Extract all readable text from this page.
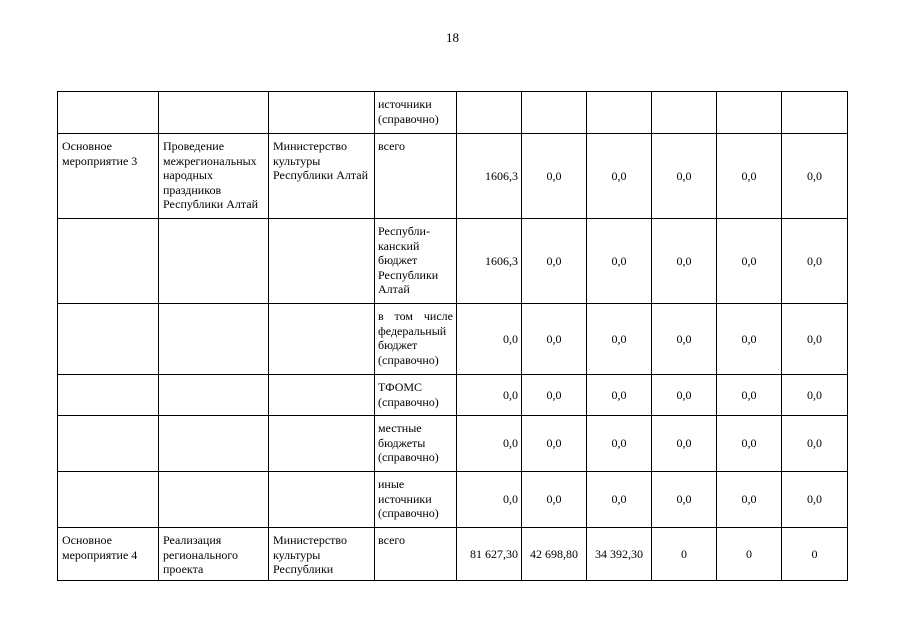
18
			источники (справочно)						
Основное мероприятие 3	Проведение межрегиональных народных праздников Республики Алтай	Министерство культуры Республики Алтай	всего	1606,3	0,0	0,0	0,0	0,0	0,0
			Республи-канский бюджет Республики Алтай	1606,3	0,0	0,0	0,0	0,0	0,0
			в том числе федеральный бюджет (справочно)	0,0	0,0	0,0	0,0	0,0	0,0
			ТФОМС (справочно)	0,0	0,0	0,0	0,0	0,0	0,0
			местные бюджеты (справочно)	0,0	0,0	0,0	0,0	0,0	0,0
			иные источники (справочно)	0,0	0,0	0,0	0,0	0,0	0,0
Основное мероприятие 4	Реализация регионального проекта	Министерство культуры Республики	всего	81 627,30	42 698,80	34 392,30	0	0	0
